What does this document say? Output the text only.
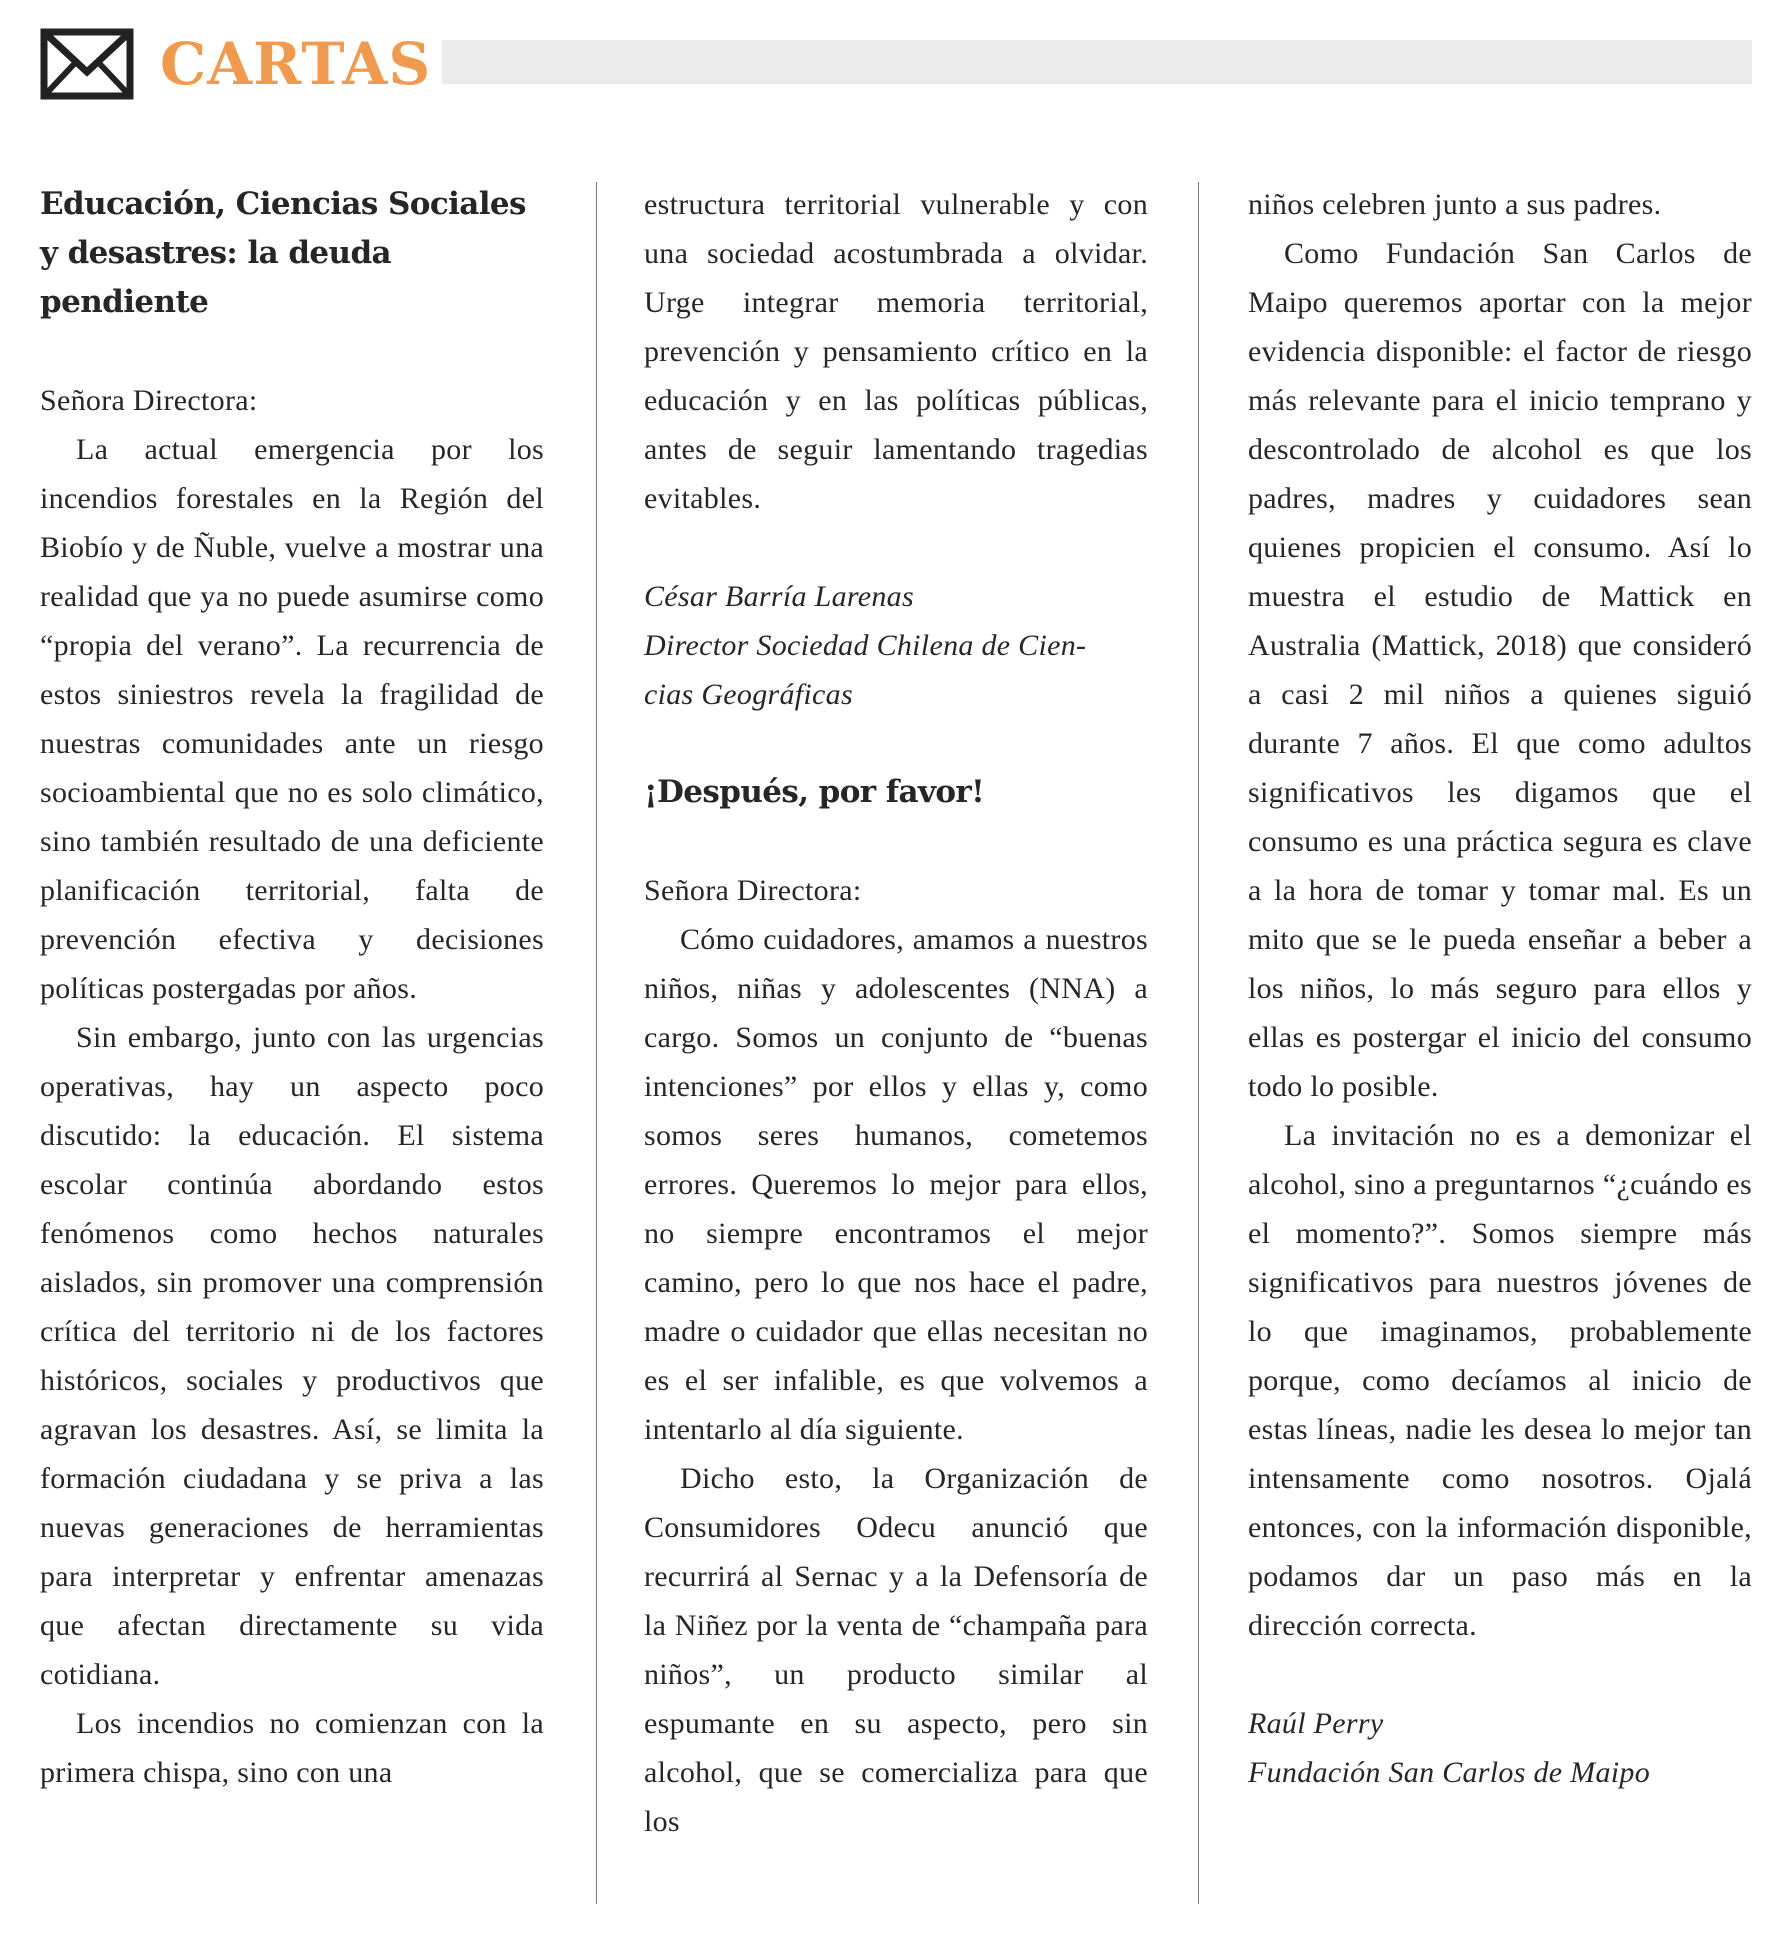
CARTAS
Educación, Ciencias Sociales y desastres: la deuda pendiente

Señora Directora:

La actual emergencia por los incendios forestales en la Región del Biobío y de Ñuble, vuelve a mostrar una realidad que ya no puede asumirse como “propia del verano”. La recurrencia de estos siniestros revela la fragilidad de nuestras comunidades ante un riesgo socioambiental que no es solo climático, sino también resultado de una deficiente planificación territorial, falta de prevención efectiva y decisiones políticas postergadas por años.

Sin embargo, junto con las urgencias operativas, hay un aspecto poco discutido: la educación. El sistema escolar continúa abordando estos fenómenos como hechos naturales aislados, sin promover una comprensión crítica del territorio ni de los factores históricos, sociales y productivos que agravan los desastres. Así, se limita la formación ciudadana y se priva a las nuevas generaciones de herramientas para interpretar y enfrentar amenazas que afectan directamente su vida cotidiana.

Los incendios no comienzan con la primera chispa, sino con una

estructura territorial vulnerable y con una sociedad acostumbrada a olvidar. Urge integrar memoria territorial, prevención y pensamiento crítico en la educación y en las políticas públicas, antes de seguir lamentando tragedias evitables.

César Barría Larenas
Director Sociedad Chilena de Cien-
cias Geográficas
¡Después, por favor!

Señora Directora:

Cómo cuidadores, amamos a nuestros niños, niñas y adolescentes (NNA) a cargo. Somos un conjunto de “buenas intenciones” por ellos y ellas y, como somos seres humanos, cometemos errores. Queremos lo mejor para ellos, no siempre encontramos el mejor camino, pero lo que nos hace el padre, madre o cuidador que ellas necesitan no es el ser infalible, es que volvemos a intentarlo al día siguiente.

Dicho esto, la Organización de Consumidores Odecu anunció que recurrirá al Sernac y a la Defensoría de la Niñez por la venta de “champaña para niños”, un producto similar al espumante en su aspecto, pero sin alcohol, que se comercializa para que los

niños celebren junto a sus padres.

Como Fundación San Carlos de Maipo queremos aportar con la mejor evidencia disponible: el factor de riesgo más relevante para el inicio temprano y descontrolado de alcohol es que los padres, madres y cuidadores sean quienes propicien el consumo. Así lo muestra el estudio de Mattick en Australia (Mattick, 2018) que consideró a casi 2 mil niños a quienes siguió durante 7 años. El que como adultos significativos les digamos que el consumo es una práctica segura es clave a la hora de tomar y tomar mal. Es un mito que se le pueda enseñar a beber a los niños, lo más seguro para ellos y ellas es postergar el inicio del consumo todo lo posible.

La invitación no es a demonizar el alcohol, sino a preguntarnos “¿cuándo es el momento?”. Somos siempre más significativos para nuestros jóvenes de lo que imaginamos, probablemente porque, como decíamos al inicio de estas líneas, nadie les desea lo mejor tan intensamente como nosotros. Ojalá entonces, con la información disponible, podamos dar un paso más en la dirección correcta.

Raúl Perry
Fundación San Carlos de Maipo
